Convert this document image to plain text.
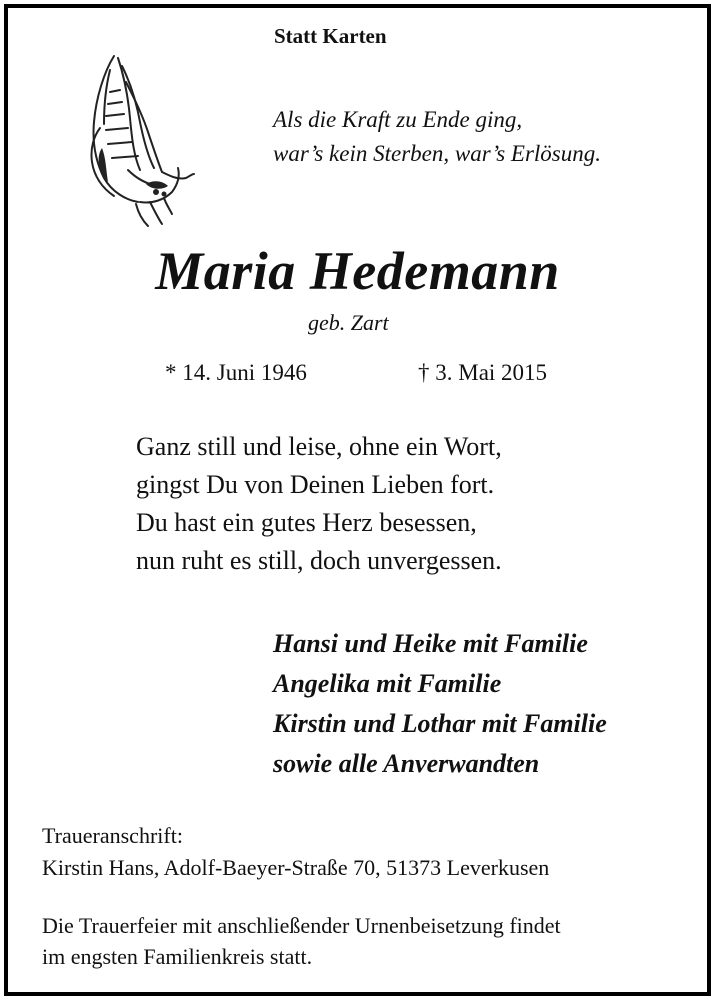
Statt Karten
Als die Kraft zu Ende ging,
war’s kein Sterben, war’s Erlösung.
Maria Hedemann
geb. Zart
* 14. Juni 1946	† 3. Mai 2015
Ganz still und leise, ohne ein Wort,
gingst Du von Deinen Lieben fort.
Du hast ein gutes Herz besessen,
nun ruht es still, doch unvergessen.
Hansi und Heike mit Familie
Angelika mit Familie
Kirstin und Lothar mit Familie
sowie alle Anverwandten
Traueranschrift:
Kirstin Hans, Adolf-Baeyer-Straße 70, 51373 Leverkusen
Die Trauerfeier mit anschließender Urnenbeisetzung findet
im engsten Familienkreis statt.
